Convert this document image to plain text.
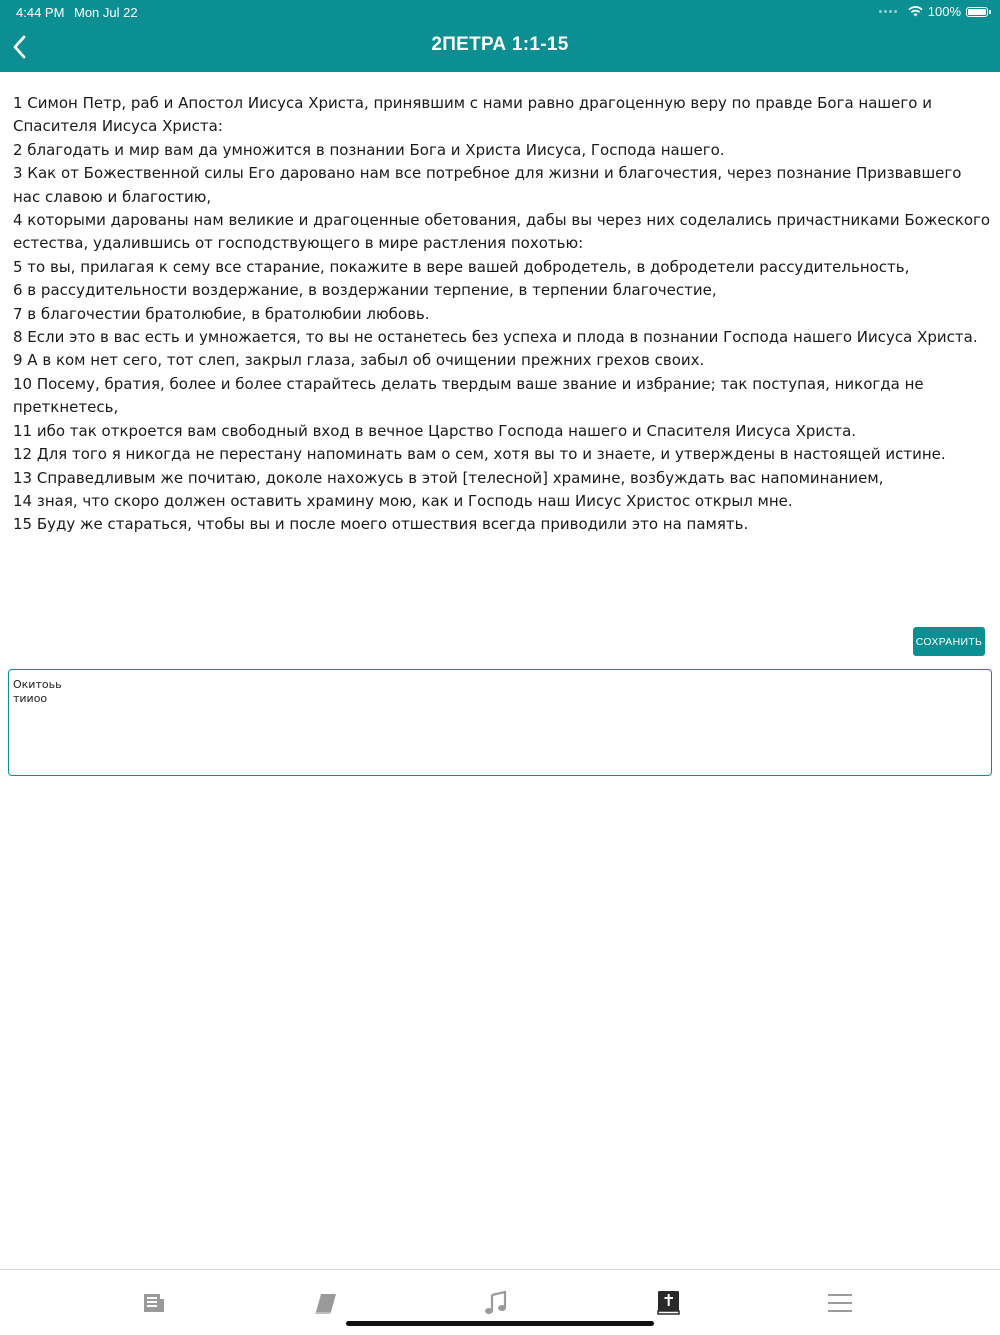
4:44 PM Mon Jul 22	100%
2ПЕТРА 1:1-15

1 Симон Петр, раб и Апостол Иисуса Христа, принявшим с нами равно драгоценную веру по правде Бога нашего и Спасителя Иисуса Христа:

2 благодать и мир вам да умножится в познании Бога и Христа Иисуса, Господа нашего.

3 Как от Божественной силы Его даровано нам все потребное для жизни и благочестия, через познание Призвавшего нас славою и благостию,

4 которыми дарованы нам великие и драгоценные обетования, дабы вы через них соделались причастниками Божеского естества, удалившись от господствующего в мире растления похотью:

5 то вы, прилагая к сему все старание, покажите в вере вашей добродетель, в добродетели рассудительность,

6 в рассудительности воздержание, в воздержании терпение, в терпении благочестие,

7 в благочестии братолюбие, в братолюбии любовь.

8 Если это в вас есть и умножается, то вы не останетесь без успеха и плода в познании Господа нашего Иисуса Христа.

9 А в ком нет сего, тот слеп, закрыл глаза, забыл об очищении прежних грехов своих.

10 Посему, братия, более и более старайтесь делать твердым ваше звание и избрание; так поступая, никогда не преткнетесь,

11 ибо так откроется вам свободный вход в вечное Царство Господа нашего и Спасителя Иисуса Христа.

12 Для того я никогда не перестану напоминать вам о сем, хотя вы то и знаете, и утверждены в настоящей истине.

13 Справедливым же почитаю, доколе нахожусь в этой [телесной] храмине, возбуждать вас напоминанием,

14 зная, что скоро должен оставить храмину мою, как и Господь наш Иисус Христос открыл мне.

15 Буду же стараться, чтобы вы и после моего отшествия всегда приводили это на память.

СОХРАНИТЬ
Окитоьь
тииоо
